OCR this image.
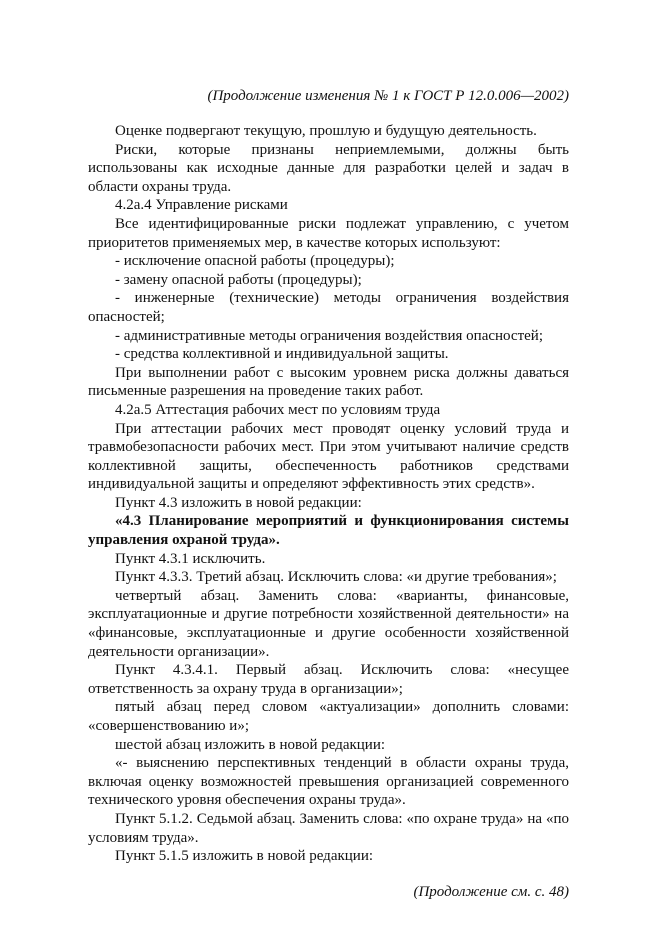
(Продолжение изменения № 1 к ГОСТ Р 12.0.006—2002)

Оценке подвергают текущую, прошлую и будущую деятельность.

Риски, которые признаны неприемлемыми, должны быть использованы как исходные данные для разработки целей и задач в области охраны труда.

4.2a.4 Управление рисками

Все идентифицированные риски подлежат управлению, с учетом приоритетов применяемых мер, в качестве которых используют:

- исключение опасной работы (процедуры);

- замену опасной работы (процедуры);

- инженерные (технические) методы ограничения воздействия опасностей;

- административные методы ограничения воздействия опасностей;

- средства коллективной и индивидуальной защиты.

При выполнении работ с высоким уровнем риска должны даваться письменные разрешения на проведение таких работ.

4.2a.5 Аттестация рабочих мест по условиям труда

При аттестации рабочих мест проводят оценку условий труда и травмобезопасности рабочих мест. При этом учитывают наличие средств коллективной защиты, обеспеченность работников средствами индивидуальной защиты и определяют эффективность этих средств».

Пункт 4.3 изложить в новой редакции:

«4.3 Планирование мероприятий и функционирования системы управления охраной труда».

Пункт 4.3.1 исключить.

Пункт 4.3.3. Третий абзац. Исключить слова: «и другие требования»;

четвертый абзац. Заменить слова: «варианты, финансовые, эксплуатационные и другие потребности хозяйственной деятельности» на «финансовые, эксплуатационные и другие особенности хозяйственной деятельности организации».

Пункт 4.3.4.1. Первый абзац. Исключить слова: «несущее ответственность за охрану труда в организации»;

пятый абзац перед словом «актуализации» дополнить словами: «совершенствованию и»;

шестой абзац изложить в новой редакции:

«- выяснению перспективных тенденций в области охраны труда, включая оценку возможностей превышения организацией современного технического уровня обеспечения охраны труда».

Пункт 5.1.2. Седьмой абзац. Заменить слова: «по охране труда» на «по условиям труда».

Пункт 5.1.5 изложить в новой редакции:

(Продолжение см. с. 48)
